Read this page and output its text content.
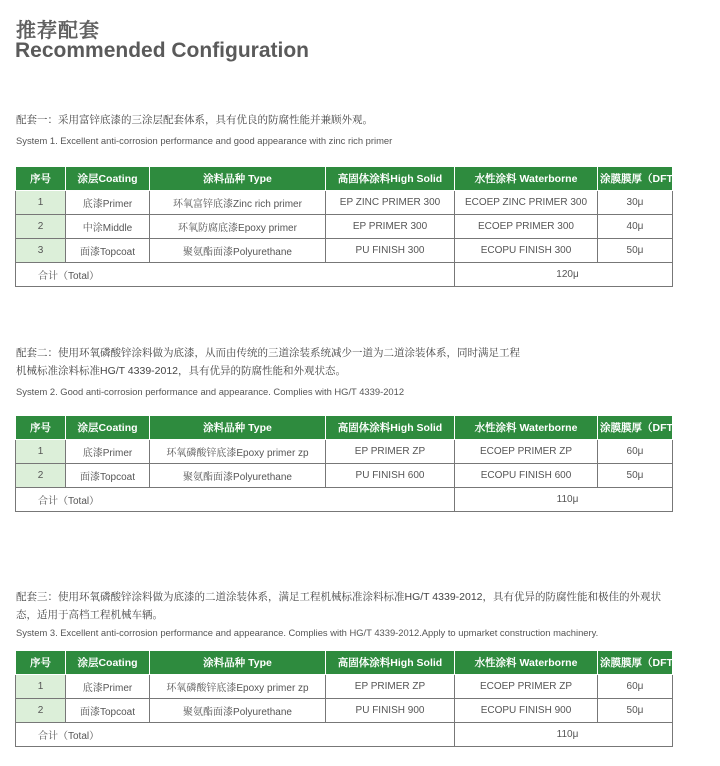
推荐配套
Recommended Configuration
配套一：采用富锌底漆的三涂层配套体系，具有优良的防腐性能并兼顾外观。
System 1. Excellent anti-corrosion performance and good appearance with zinc rich primer
序号	涂层Coating	涂料品种 Type	高固体涂料High Solid	水性涂料 Waterborne	涂膜膜厚（DFT）
1	底漆Primer	环氧富锌底漆Zinc rich primer	EP ZINC PRIMER 300	ECOEP ZINC PRIMER 300	30μ
2	中涂Middle	环氧防腐底漆Epoxy primer	EP PRIMER 300	ECOEP PRIMER 300	40μ
3	面漆Topcoat	聚氨酯面漆Polyurethane	PU FINISH 300	ECOPU FINISH 300	50μ
合计（Total）				120μ	
配套二：使用环氧磷酸锌涂料做为底漆，从而由传统的三道涂装系统减少一道为二道涂装体系，同时满足工程
机械标准涂料标准HG/T 4339-2012，具有优异的防腐性能和外观状态。
System 2. Good anti-corrosion performance and appearance. Complies with HG/T 4339-2012
序号	涂层Coating	涂料品种 Type	高固体涂料High Solid	水性涂料 Waterborne	涂膜膜厚（DFT）
1	底漆Primer	环氧磷酸锌底漆Epoxy primer zp	EP PRIMER ZP	ECOEP PRIMER ZP	60μ
2	面漆Topcoat	聚氨酯面漆Polyurethane	PU FINISH 600	ECOPU FINISH 600	50μ
合计（Total）				110μ	
配套三：使用环氧磷酸锌涂料做为底漆的二道涂装体系，满足工程机械标准涂料标准HG/T 4339-2012，具有优异的防腐性能和极佳的外观状
态，适用于高档工程机械车辆。
System 3. Excellent anti-corrosion performance and appearance. Complies with HG/T 4339-2012.Apply to upmarket construction machinery.
序号	涂层Coating	涂料品种 Type	高固体涂料High Solid	水性涂料 Waterborne	涂膜膜厚（DFT）
1	底漆Primer	环氧磷酸锌底漆Epoxy primer zp	EP PRIMER ZP	ECOEP PRIMER ZP	60μ
2	面漆Topcoat	聚氨酯面漆Polyurethane	PU FINISH 900	ECOPU FINISH 900	50μ
合计（Total）				110μ	
